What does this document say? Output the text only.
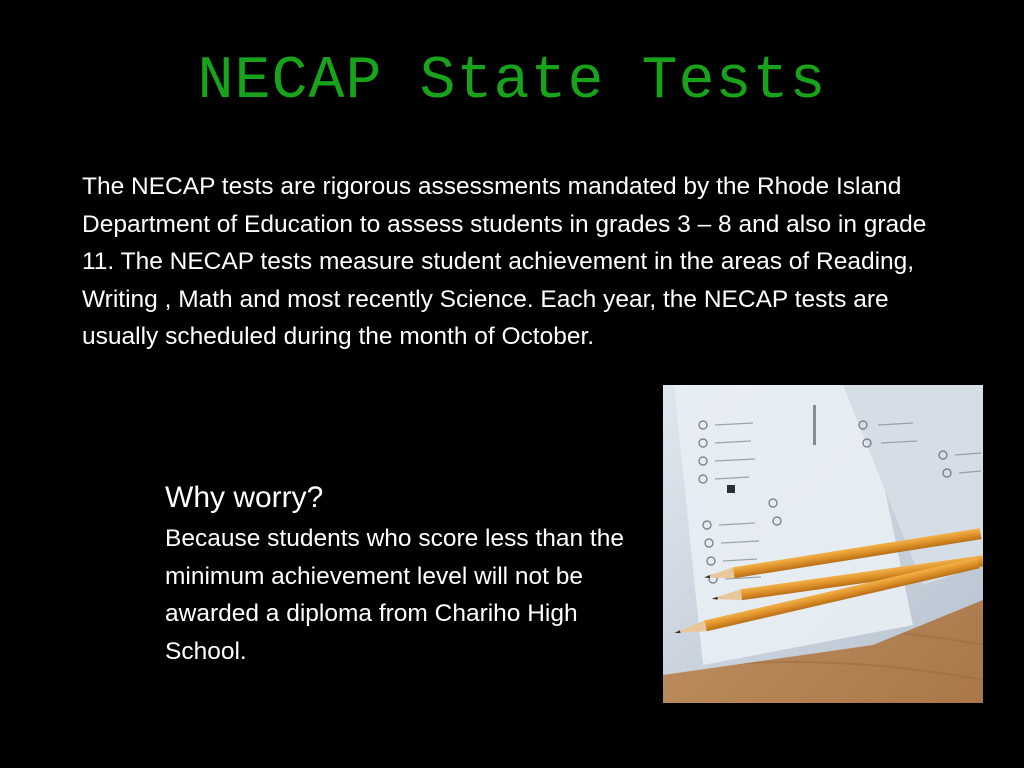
NECAP State Tests
The NECAP tests are rigorous assessments mandated by the Rhode Island Department of Education to assess students in grades 3 – 8 and also in grade 11. The NECAP tests measure student achievement in the areas of Reading, Writing , Math and most recently Science. Each year, the NECAP tests are usually scheduled during the month of October.
Why worry?
Because students who score less than the minimum achievement level will not be awarded a diploma from Chariho High School.
